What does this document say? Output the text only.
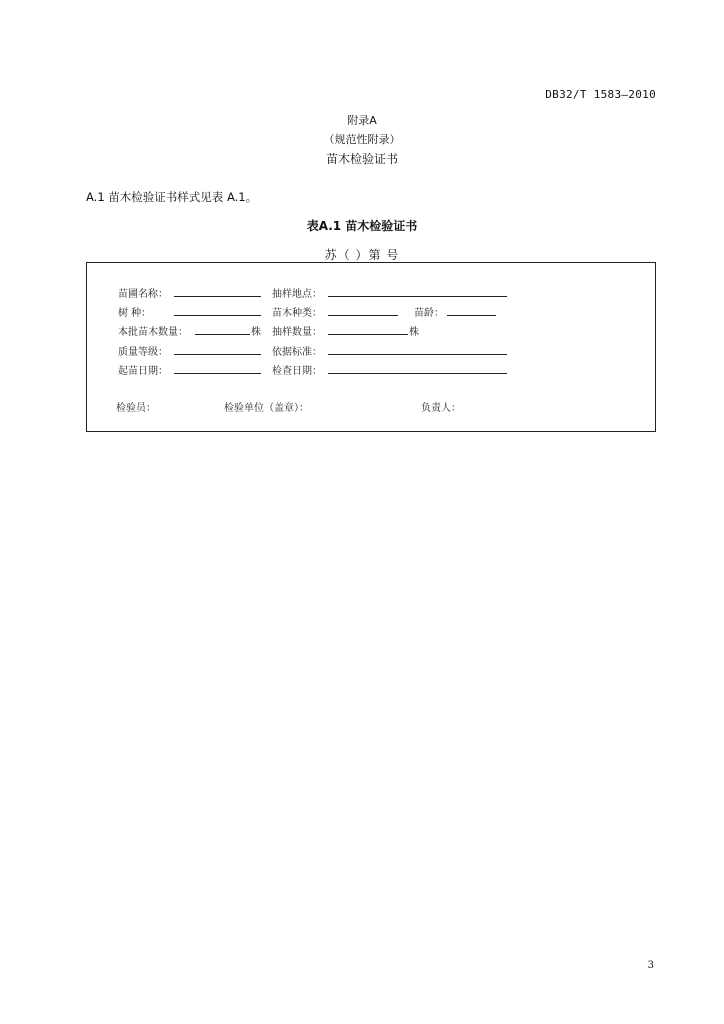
DB32/T 1583—2010
附录A
（规范性附录）
苗木检验证书
A.1 苗木检验证书样式见表 A.1。
表A.1 苗木检验证书
苏（ ）第 号
苗圃名称：	抽样地点：
树 种：	苗木种类：	苗龄：
本批苗木数量：	株 抽样数量：	株
质量等级：	依据标准：
起苗日期：	检查日期：
检验员：	检验单位（盖章）：	负责人：
3
